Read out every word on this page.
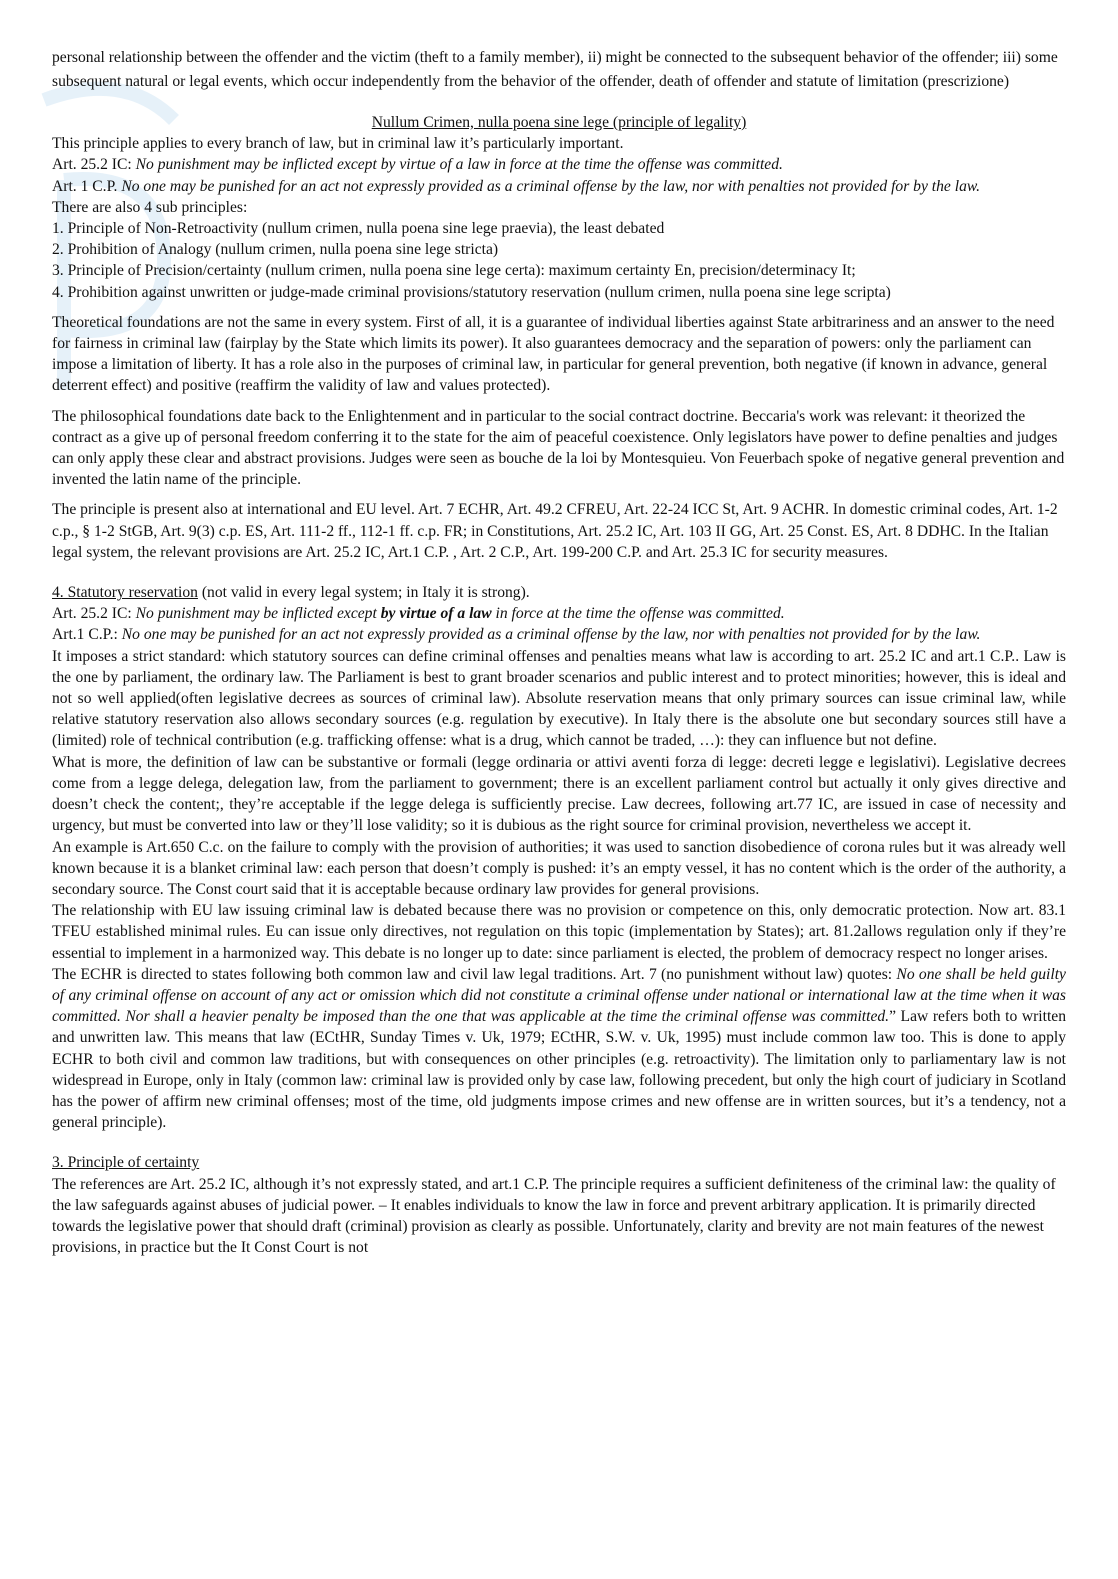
personal relationship between the offender and the victim (theft to a family member), ii) might be connected to the subsequent behavior of the offender; iii) some subsequent natural or legal events, which occur independently from the behavior of the offender, death of offender and statute of limitation (prescrizione)

Nullum Crimen, nulla poena sine lege (principle of legality)

This principle applies to every branch of law, but in criminal law it’s particularly important.

Art. 25.2 IC: No punishment may be inflicted except by virtue of a law in force at the time the offense was committed.

Art. 1 C.P. No one may be punished for an act not expressly provided as a criminal offense by the law, nor with penalties not provided for by the law.

There are also 4 sub principles:

1. Principle of Non-Retroactivity (nullum crimen, nulla poena sine lege praevia), the least debated

2. Prohibition of Analogy (nullum crimen, nulla poena sine lege stricta)

3. Principle of Precision/certainty (nullum crimen, nulla poena sine lege certa): maximum certainty En, precision/determinacy It;

4. Prohibition against unwritten or judge-made criminal provisions/statutory reservation (nullum crimen, nulla poena sine lege scripta)

Theoretical foundations are not the same in every system. First of all, it is a guarantee of individual liberties against State arbitrariness and an answer to the need for fairness in criminal law (fairplay by the State which limits its power). It also guarantees democracy and the separation of powers: only the parliament can impose a limitation of liberty. It has a role also in the purposes of criminal law, in particular for general prevention, both negative (if known in advance, general deterrent effect) and positive (reaffirm the validity of law and values protected).

The philosophical foundations date back to the Enlightenment and in particular to the social contract doctrine. Beccaria's work was relevant: it theorized the contract as a give up of personal freedom conferring it to the state for the aim of peaceful coexistence. Only legislators have power to define penalties and judges can only apply these clear and abstract provisions. Judges were seen as bouche de la loi by Montesquieu. Von Feuerbach spoke of negative general prevention and invented the latin name of the principle.

The principle is present also at international and EU level. Art. 7 ECHR, Art. 49.2 CFREU, Art. 22-24 ICC St, Art. 9 ACHR. In domestic criminal codes, Art. 1-2 c.p., § 1-2 StGB, Art. 9(3) c.p. ES, Art. 111-2 ff., 112-1 ff. c.p. FR; in Constitutions, Art. 25.2 IC, Art. 103 II GG, Art. 25 Const. ES, Art. 8 DDHC. In the Italian legal system, the relevant provisions are Art. 25.2 IC, Art.1 C.P. , Art. 2 C.P., Art. 199-200 C.P. and Art. 25.3 IC for security measures.

4. Statutory reservation (not valid in every legal system; in Italy it is strong).

Art. 25.2 IC: No punishment may be inflicted except by virtue of a law in force at the time the offense was committed.

Art.1 C.P.: No one may be punished for an act not expressly provided as a criminal offense by the law, nor with penalties not provided for by the law.

It imposes a strict standard: which statutory sources can define criminal offenses and penalties means what law is according to art. 25.2 IC and art.1 C.P.. Law is the one by parliament, the ordinary law. The Parliament is best to grant broader scenarios and public interest and to protect minorities; however, this is ideal and not so well applied(often legislative decrees as sources of criminal law). Absolute reservation means that only primary sources can issue criminal law, while relative statutory reservation also allows secondary sources (e.g. regulation by executive). In Italy there is the absolute one but secondary sources still have a (limited) role of technical contribution (e.g. trafficking offense: what is a drug, which cannot be traded, …): they can influence but not define.

What is more, the definition of law can be substantive or formali (legge ordinaria or attivi aventi forza di legge: decreti legge e legislativi). Legislative decrees come from a legge delega, delegation law, from the parliament to government; there is an excellent parliament control but actually it only gives directive and doesn’t check the content;, they’re acceptable if the legge delega is sufficiently precise. Law decrees, following art.77 IC, are issued in case of necessity and urgency, but must be converted into law or they’ll lose validity; so it is dubious as the right source for criminal provision, nevertheless we accept it.

An example is Art.650 C.c. on the failure to comply with the provision of authorities; it was used to sanction disobedience of corona rules but it was already well known because it is a blanket criminal law: each person that doesn’t comply is pushed: it’s an empty vessel, it has no content which is the order of the authority, a secondary source. The Const court said that it is acceptable because ordinary law provides for general provisions.

The relationship with EU law issuing criminal law is debated because there was no provision or competence on this, only democratic protection. Now art. 83.1 TFEU established minimal rules. Eu can issue only directives, not regulation on this topic (implementation by States); art. 81.2allows regulation only if they’re essential to implement in a harmonized way. This debate is no longer up to date: since parliament is elected, the problem of democracy respect no longer arises.

The ECHR is directed to states following both common law and civil law legal traditions. Art. 7 (no punishment without law) quotes: No one shall be held guilty of any criminal offense on account of any act or omission which did not constitute a criminal offense under national or international law at the time when it was committed. Nor shall a heavier penalty be imposed than the one that was applicable at the time the criminal offense was committed.” Law refers both to written and unwritten law. This means that law (ECtHR, Sunday Times v. Uk, 1979; ECtHR, S.W. v. Uk, 1995) must include common law too. This is done to apply ECHR to both civil and common law traditions, but with consequences on other principles (e.g. retroactivity). The limitation only to parliamentary law is not widespread in Europe, only in Italy (common law: criminal law is provided only by case law, following precedent, but only the high court of judiciary in Scotland has the power of affirm new criminal offenses; most of the time, old judgments impose crimes and new offense are in written sources, but it’s a tendency, not a general principle).

3. Principle of certainty

The references are Art. 25.2 IC, although it’s not expressly stated, and art.1 C.P. The principle requires a sufficient definiteness of the criminal law: the quality of the law safeguards against abuses of judicial power. – It enables individuals to know the law in force and prevent arbitrary application. It is primarily directed towards the legislative power that should draft (criminal) provision as clearly as possible. Unfortunately, clarity and brevity are not main features of the newest provisions, in practice but the It Const Court is not
